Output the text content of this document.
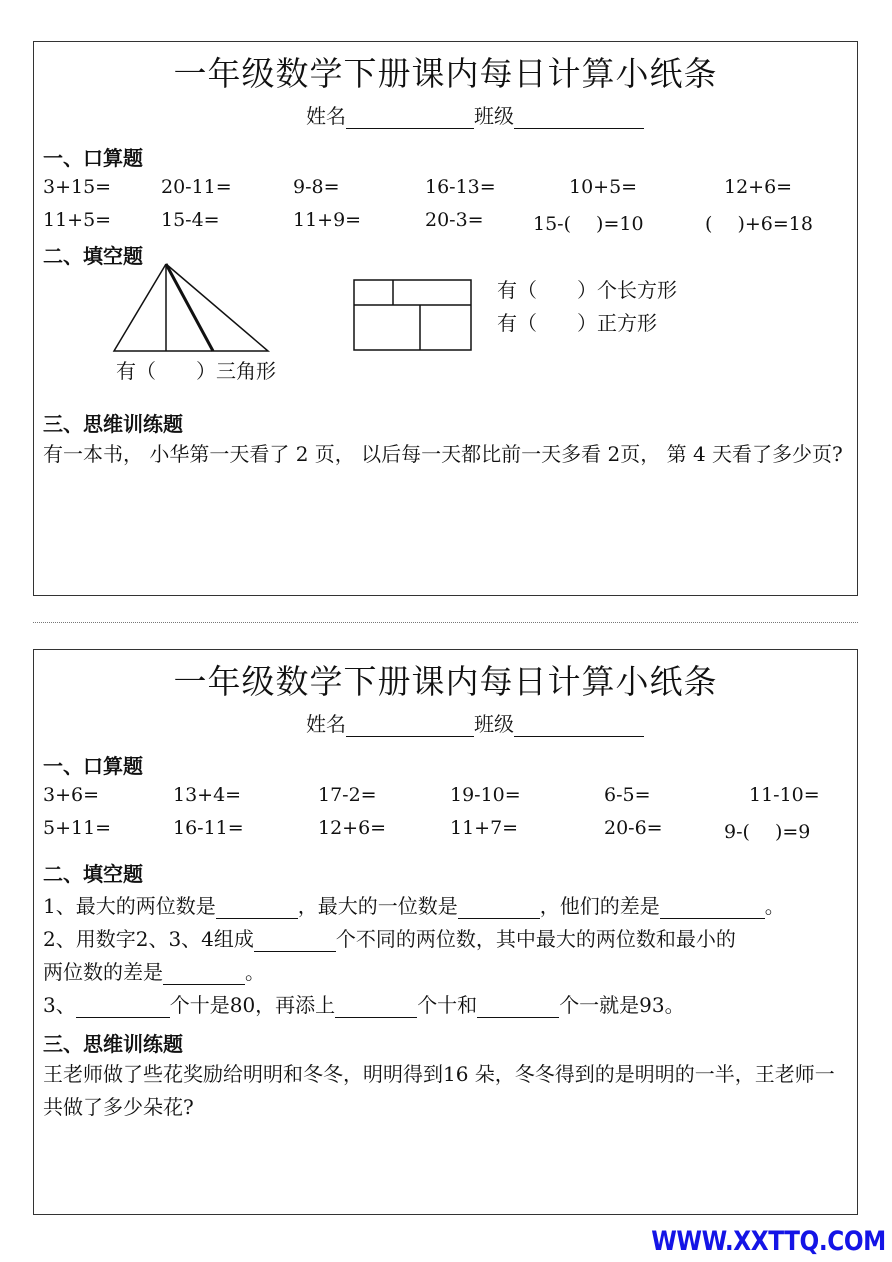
一年级数学下册课内每日计算小纸条
姓名	班级
一、口算题
3+15=	20-11=	9-8=	16-13=	10+5=	12+6=
11+5=	15-4=	11+9=	20-3=	15-(　 )=10	(　 )+6=18
二、填空题
有（　　）三角形
有（　　）个长方形
有（　　）正方形
三、思维训练题
有一本书， 小华第一天看了 2 页， 以后每一天都比前一天多看 2页， 第 4 天看了多少页?
一年级数学下册课内每日计算小纸条
姓名	班级
一、口算题
3+6=	13+4=	17-2=	19-10=	6-5=	11-10=
5+11=	16-11=	12+6=	11+7=	20-6=	9-(　 )=9
二、填空题
1、最大的两位数是	，最大的一位数是	，他们的差是	。
2、用数字2、3、4组成	个不同的两位数，其中最大的两位数和最小的
两位数的差是	。
3、	个十是80，再添上	个十和	个一就是93。
三、思维训练题
王老师做了些花奖励给明明和冬冬，明明得到16 朵，冬冬得到的是明明的一半，王老师一共做了多少朵花?
WWW.XXTTQ.COM
